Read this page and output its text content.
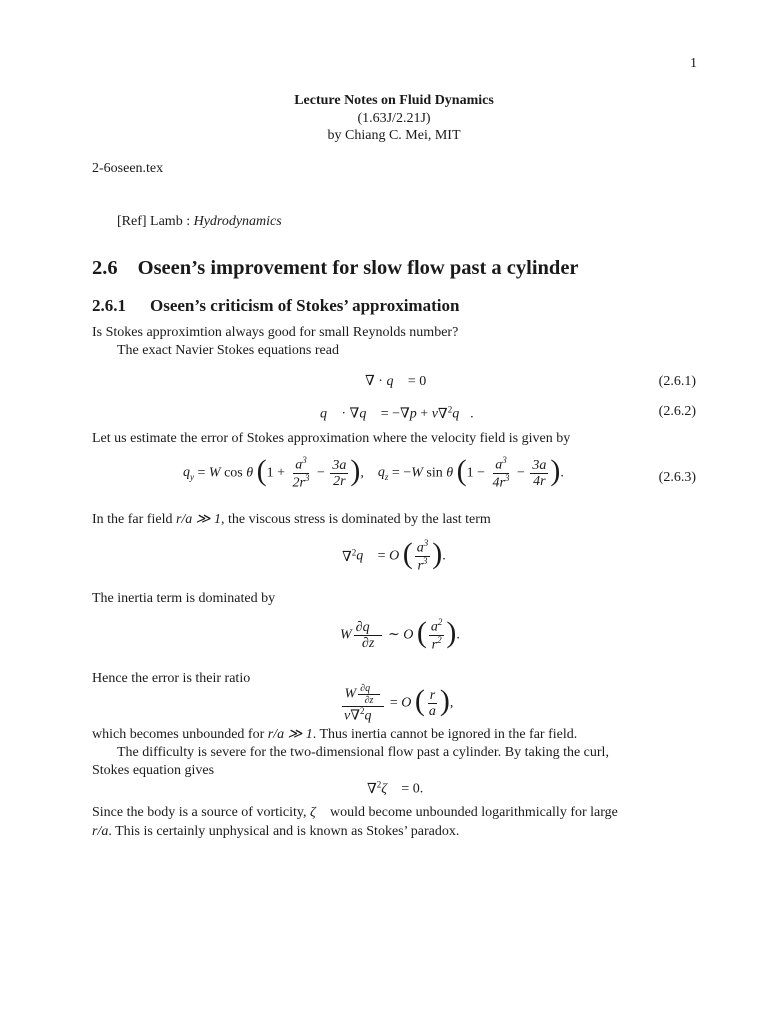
1
Lecture Notes on Fluid Dynamics
(1.63J/2.21J)
by Chiang C. Mei, MIT
2-6oseen.tex
[Ref] Lamb : Hydrodynamics
2.6 Oseen’s improvement for slow flow past a cylinder
2.6.1 Oseen’s criticism of Stokes’ approximation
Is Stokes approximtion always good for small Reynolds number?
The exact Navier Stokes equations read
∇ · q⃗ = 0	(2.6.1)
q⃗ · ∇q⃗ = −∇p + ν∇$^2$q⃗.	(2.6.2)
Let us estimate the error of Stokes approximation where the velocity field is given by
$q_y = W$ cos θ ($1 + \frac{a^3}{2r^3} - \frac{3a}{2r}$ ),    $q_z = -W$ sin θ ($1 - \frac{a^3}{4r^3} - \frac{3a}{4r}$ ).	(2.6.3)
In the far field r/a ≫ 1, the viscous stress is dominated by the last term
∇$^2$q⃗ = O ( $\frac{a^3}{r^3}$ ).
The inertia term is dominated by
W $\frac{\partial q⃗}{\partial z}$ ∼ O ( $\frac{a^2}{r^2}$ ).
Hence the error is their ratio
$\frac{W \frac{\partial q⃗}{\partial z}}{\nu\nabla^2q⃗} = O$ ( $\frac{r}{a}$ ),
which becomes unbounded for r/a ≫ 1. Thus inertia cannot be ignored in the far field.
The difficulty is severe for the two-dimensional flow past a cylinder. By taking the curl,
Stokes equation gives
∇$^2$ζ⃗ = 0.
Since the body is a source of vorticity, ζ⃗ would become unbounded logarithmically for large
r/a. This is certainly unphysical and is known as Stokes’ paradox.
